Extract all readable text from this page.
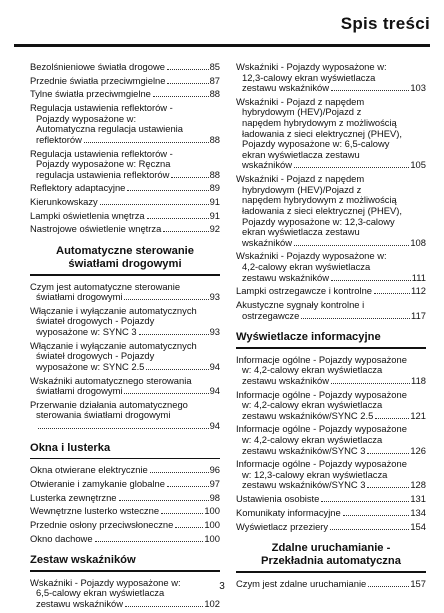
Spis treści
Bezolśnieniowe światła drogowe	85
Przednie światła przeciwmgielne	87
Tylne światła przeciwmgielne	88
Regulacja ustawienia reflektorów -
Pojazdy wyposażone w:
Automatyczna regulacja ustawienia
reflektorów	88
Regulacja ustawienia reflektorów -
Pojazdy wyposażone w: Ręczna
regulacja ustawienia reflektorów	88
Reflektory adaptacyjne	89
Kierunkowskazy	91
Lampki oświetlenia wnętrza	91
Nastrojowe oświetlenie wnętrza	92
Automatyczne sterowanie
światłami drogowymi
Czym jest automatyczne sterowanie
światłami drogowymi	93
Włączanie i wyłączanie automatycznych
świateł drogowych - Pojazdy
wyposażone w: SYNC 3	93
Włączanie i wyłączanie automatycznych
świateł drogowych - Pojazdy
wyposażone w: SYNC 2.5	94
Wskaźniki automatycznego sterowania
światłami drogowymi	94
Przerwanie działania automatycznego
sterowania światłami drogowymi
94
Okna i lusterka
Okna otwierane elektrycznie	96
Otwieranie i zamykanie globalne	97
Lusterka zewnętrzne	98
Wewnętrzne lusterko wsteczne	100
Przednie osłony przeciwsłoneczne	100
Okno dachowe	100
Zestaw wskaźników
Wskaźniki - Pojazdy wyposażone w:
6,5-calowy ekran wyświetlacza
zestawu wskaźników	102
Wskaźniki - Pojazdy wyposażone w:
12,3-calowy ekran wyświetlacza
zestawu wskaźników	103
Wskaźniki - Pojazd z napędem
hybrydowym (HEV)/Pojazd z
napędem hybrydowym z możliwością
ładowania z sieci elektrycznej (PHEV),
Pojazdy wyposażone w: 6,5-calowy
ekran wyświetlacza zestawu
wskaźników	105
Wskaźniki - Pojazd z napędem
hybrydowym (HEV)/Pojazd z
napędem hybrydowym z możliwością
ładowania z sieci elektrycznej (PHEV),
Pojazdy wyposażone w: 12,3-calowy
ekran wyświetlacza zestawu
wskaźników	108
Wskaźniki - Pojazdy wyposażone w:
4,2-calowy ekran wyświetlacza
zestawu wskaźników	111
Lampki ostrzegawcze i kontrolne	112
Akustyczne sygnały kontrolne i
ostrzegawcze	117
Wyświetlacze informacyjne
Informacje ogólne - Pojazdy wyposażone
w: 4,2-calowy ekran wyświetlacza
zestawu wskaźników	118
Informacje ogólne - Pojazdy wyposażone
w: 4,2-calowy ekran wyświetlacza
zestawu wskaźników/SYNC 2.5	121
Informacje ogólne - Pojazdy wyposażone
w: 4,2-calowy ekran wyświetlacza
zestawu wskaźników/SYNC 3	126
Informacje ogólne - Pojazdy wyposażone
w: 12,3-calowy ekran wyświetlacza
zestawu wskaźników/SYNC 3	128
Ustawienia osobiste	131
Komunikaty informacyjne	134
Wyświetlacz przeziery	154
Zdalne uruchamianie -
Przekładnia automatyczna
Czym jest zdalne uruchamianie	157
3
